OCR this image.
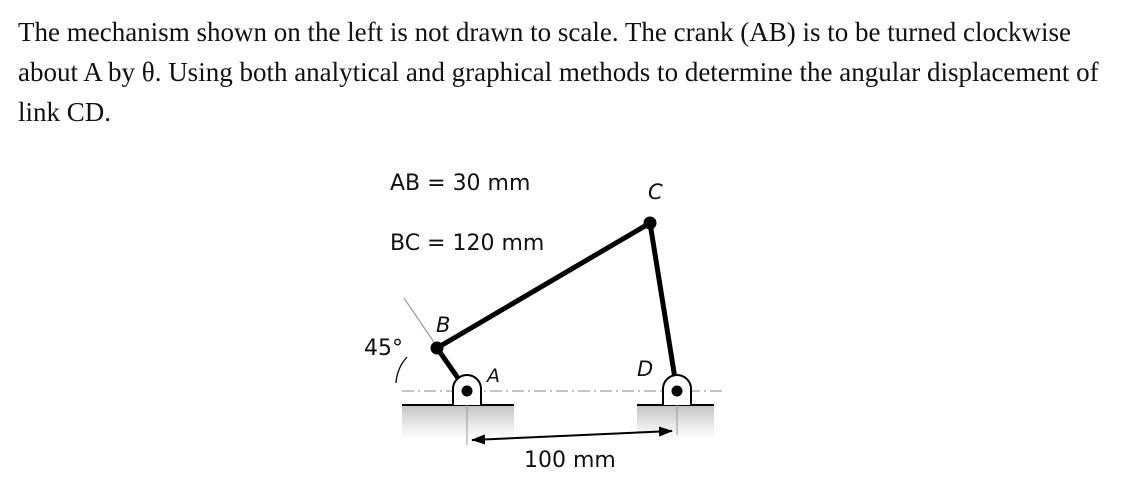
The mechanism shown on the left is not drawn to scale. The crank (AB) is to be turned clockwise about A by θ. Using both analytical and graphical methods to determine the angular displacement of link CD.

AB = 30 mm
BC = 120 mm
45°
100 mm
A
B
C
D
